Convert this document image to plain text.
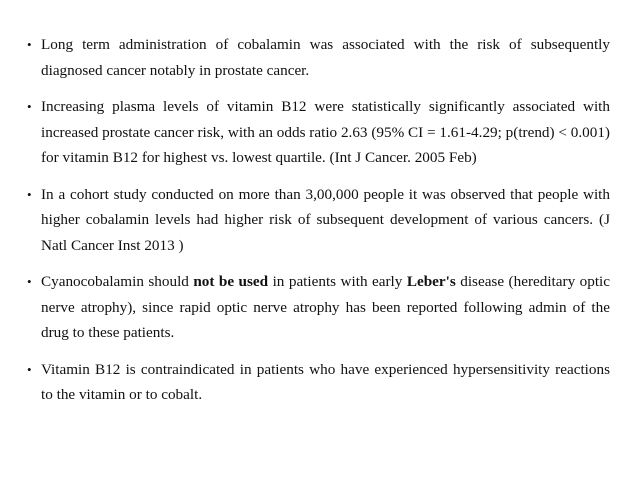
• Long term administration of cobalamin was associated with the risk of subsequently diagnosed cancer notably in prostate cancer.
• Increasing plasma levels of vitamin B12 were statistically significantly associated with increased prostate cancer risk, with an odds ratio 2.63 (95% CI = 1.61-4.29; p(trend) < 0.001) for vitamin B12 for highest vs. lowest quartile. (Int J Cancer. 2005 Feb)
• In a cohort study conducted on more than 3,00,000 people it was observed that people with higher cobalamin levels had higher risk of subsequent development of various cancers. (J Natl Cancer Inst 2013 )
• Cyanocobalamin should not be used in patients with early Leber's disease (hereditary optic nerve atrophy), since rapid optic nerve atrophy has been reported following admin of the drug to these patients.
• Vitamin B12 is contraindicated in patients who have experienced hypersensitivity reactions to the vitamin or to cobalt.
